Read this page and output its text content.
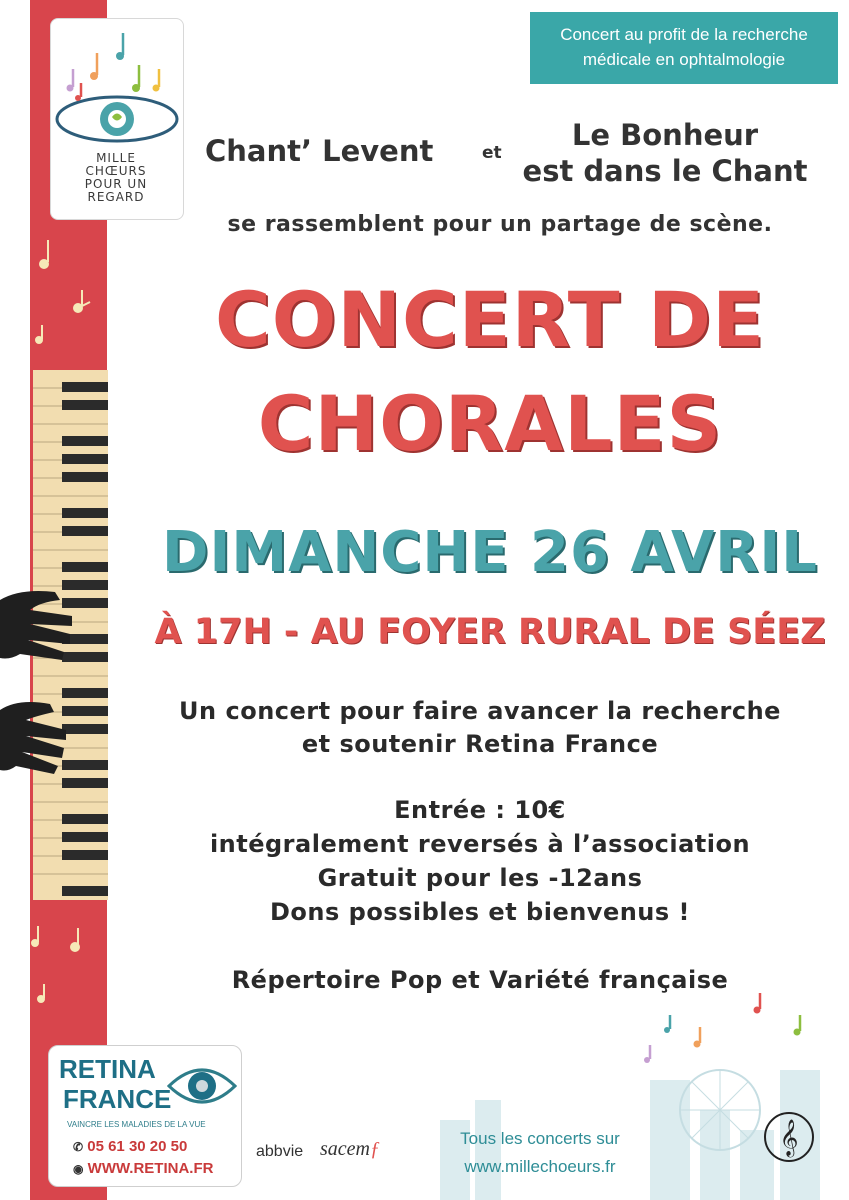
MILLE
CHŒURS
POUR UN
REGARD
Concert au profit de la recherche
médicale en ophtalmologie
Chant’ Levent	et
Le Bonheur
est dans le Chant
se rassemblent pour un partage de scène.
CONCERT DE
CHORALES
DIMANCHE 26 AVRIL
À 17H - AU FOYER RURAL DE SÉEZ
Un concert pour faire avancer la recherche
et soutenir Retina France
Entrée : 10€
intégralement reversés à l’association
Gratuit pour les -12ans
Dons possibles et bienvenus !
Répertoire Pop et Variété française
RETINA
FRANCE
VAINCRE LES MALADIES DE LA VUE
✆ 05 61 30 20 50
◉ WWW.RETINA.FR
abbvie sacemƒ	Tous les concerts sur
www.millechoeurs.fr
𝄞
